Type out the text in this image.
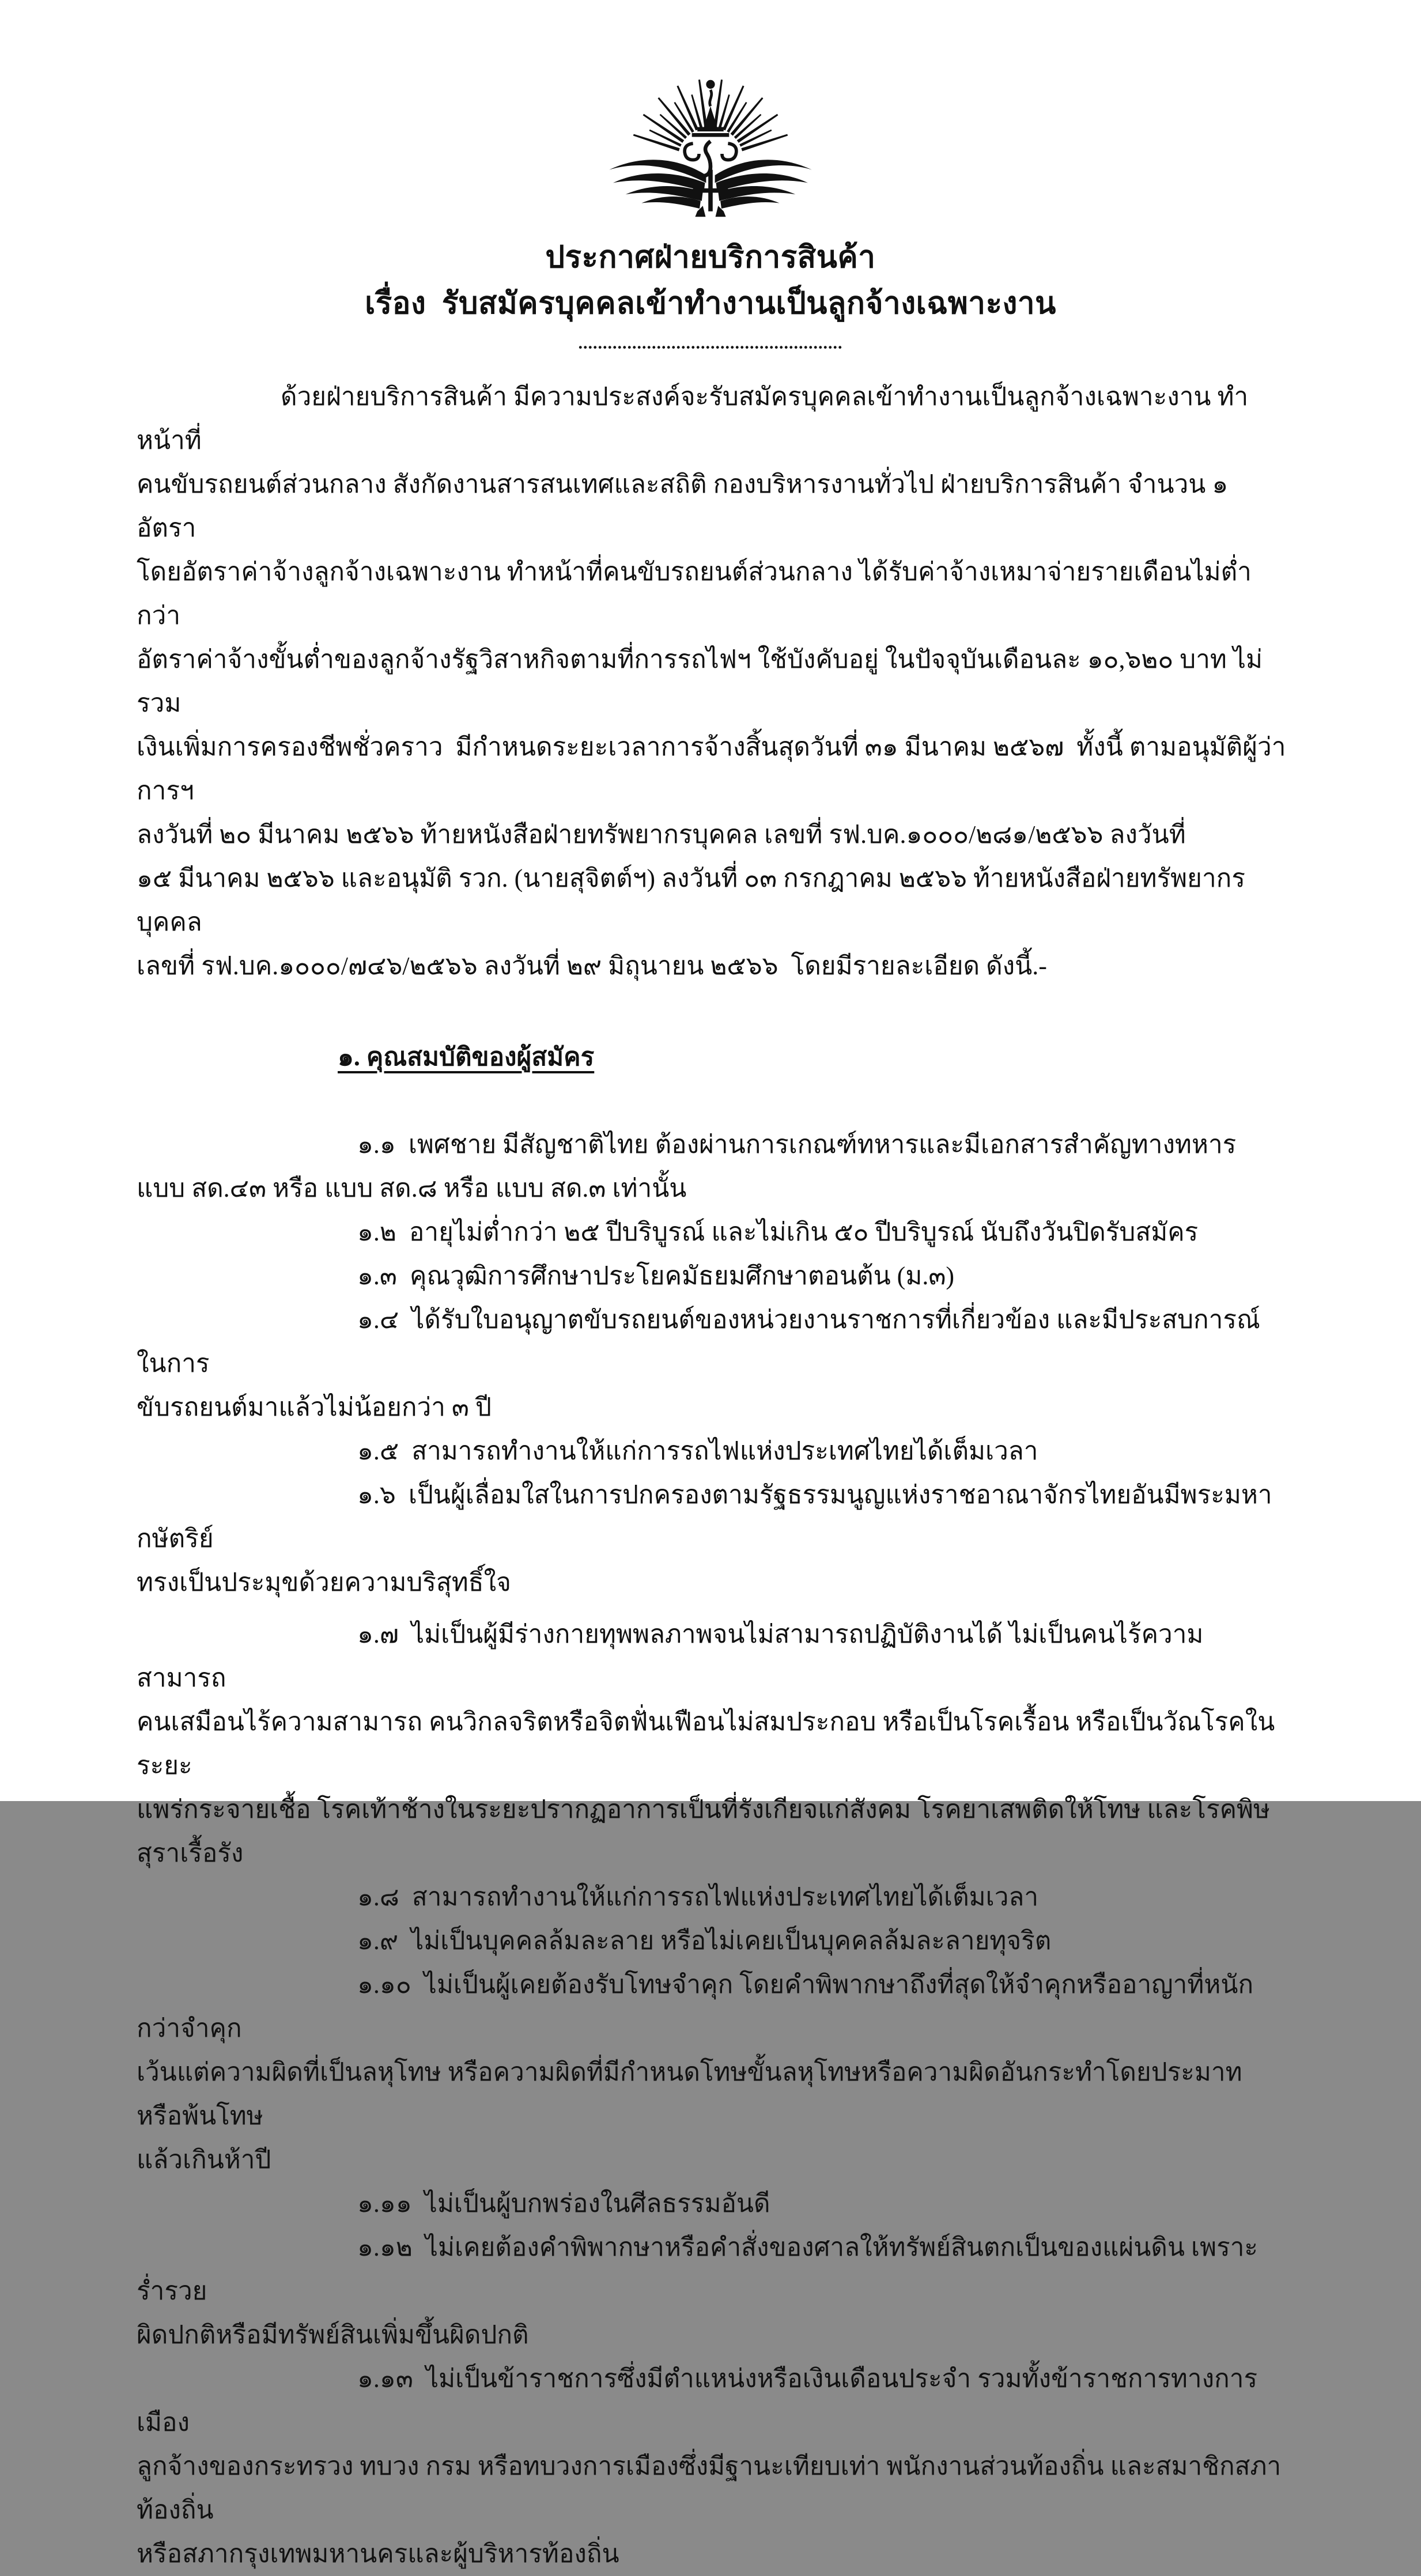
ประกาศฝ่ายบริการสินค้า
เรื่อง  รับสมัครบุคคลเข้าทำงานเป็นลูกจ้างเฉพาะงาน
......................................................
ด้วยฝ่ายบริการสินค้า มีความประสงค์จะรับสมัครบุคคลเข้าทำงานเป็นลูกจ้างเฉพาะงาน ทำหน้าที่
คนขับรถยนต์ส่วนกลาง สังกัดงานสารสนเทศและสถิติ กองบริหารงานทั่วไป ฝ่ายบริการสินค้า จำนวน ๑ อัตรา
โดยอัตราค่าจ้างลูกจ้างเฉพาะงาน ทำหน้าที่คนขับรถยนต์ส่วนกลาง ได้รับค่าจ้างเหมาจ่ายรายเดือนไม่ต่ำกว่า
อัตราค่าจ้างขั้นต่ำของลูกจ้างรัฐวิสาหกิจตามที่การรถไฟฯ ใช้บังคับอยู่ ในปัจจุบันเดือนละ ๑๐,๖๒๐ บาท ไม่รวม
เงินเพิ่มการครองชีพชั่วคราว  มีกำหนดระยะเวลาการจ้างสิ้นสุดวันที่ ๓๑ มีนาคม ๒๕๖๗  ทั้งนี้ ตามอนุมัติผู้ว่าการฯ
ลงวันที่ ๒๐ มีนาคม ๒๕๖๖ ท้ายหนังสือฝ่ายทรัพยากรบุคคล เลขที่ รฟ.บค.๑๐๐๐/๒๘๑/๒๕๖๖ ลงวันที่
๑๕ มีนาคม ๒๕๖๖ และอนุมัติ รวก. (นายสุจิตต์ฯ) ลงวันที่ ๐๓ กรกฎาคม ๒๕๖๖ ท้ายหนังสือฝ่ายทรัพยากรบุคคล
เลขที่ รฟ.บค.๑๐๐๐/๗๔๖/๒๕๖๖ ลงวันที่ ๒๙ มิถุนายน ๒๕๖๖  โดยมีรายละเอียด ดังนี้.-

๑. คุณสมบัติของผู้สมัคร

๑.๑  เพศชาย มีสัญชาติไทย ต้องผ่านการเกณฑ์ทหารและมีเอกสารสำคัญทางทหาร
แบบ สด.๔๓ หรือ แบบ สด.๘ หรือ แบบ สด.๓ เท่านั้น
๑.๒  อายุไม่ต่ำกว่า ๒๕ ปีบริบูรณ์ และไม่เกิน ๕๐ ปีบริบูรณ์ นับถึงวันปิดรับสมัคร
๑.๓  คุณวุฒิการศึกษาประโยคมัธยมศึกษาตอนต้น (ม.๓)
๑.๔  ได้รับใบอนุญาตขับรถยนต์ของหน่วยงานราชการที่เกี่ยวข้อง และมีประสบการณ์ในการ
ขับรถยนต์มาแล้วไม่น้อยกว่า ๓ ปี
๑.๕  สามารถทำงานให้แก่การรถไฟแห่งประเทศไทยได้เต็มเวลา
๑.๖  เป็นผู้เลื่อมใสในการปกครองตามรัฐธรรมนูญแห่งราชอาณาจักรไทยอันมีพระมหากษัตริย์
ทรงเป็นประมุขด้วยความบริสุทธิ์ใจ
๑.๗  ไม่เป็นผู้มีร่างกายทุพพลภาพจนไม่สามารถปฏิบัติงานได้ ไม่เป็นคนไร้ความสามารถ
คนเสมือนไร้ความสามารถ คนวิกลจริตหรือจิตฟั่นเฟือนไม่สมประกอบ หรือเป็นโรคเรื้อน หรือเป็นวัณโรคในระยะ
แพร่กระจายเชื้อ โรคเท้าช้างในระยะปรากฏอาการเป็นที่รังเกียจแก่สังคม โรคยาเสพติดให้โทษ และโรคพิษสุราเรื้อรัง
๑.๘  สามารถทำงานให้แก่การรถไฟแห่งประเทศไทยได้เต็มเวลา
๑.๙  ไม่เป็นบุคคลล้มละลาย หรือไม่เคยเป็นบุคคลล้มละลายทุจริต
๑.๑๐  ไม่เป็นผู้เคยต้องรับโทษจำคุก โดยคำพิพากษาถึงที่สุดให้จำคุกหรืออาญาที่หนักกว่าจำคุก
เว้นแต่ความผิดที่เป็นลหุโทษ หรือความผิดที่มีกำหนดโทษขั้นลหุโทษหรือความผิดอันกระทำโดยประมาท หรือพ้นโทษ
แล้วเกินห้าปี
๑.๑๑  ไม่เป็นผู้บกพร่องในศีลธรรมอันดี
๑.๑๒  ไม่เคยต้องคำพิพากษาหรือคำสั่งของศาลให้ทรัพย์สินตกเป็นของแผ่นดิน เพราะร่ำรวย
ผิดปกติหรือมีทรัพย์สินเพิ่มขึ้นผิดปกติ
๑.๑๓  ไม่เป็นข้าราชการซึ่งมีตำแหน่งหรือเงินเดือนประจำ รวมทั้งข้าราชการทางการเมือง
ลูกจ้างของกระทรวง ทบวง กรม หรือทบวงการเมืองซึ่งมีฐานะเทียบเท่า พนักงานส่วนท้องถิ่น และสมาชิกสภาท้องถิ่น
หรือสภากรุงเทพมหานครและผู้บริหารท้องถิ่น
